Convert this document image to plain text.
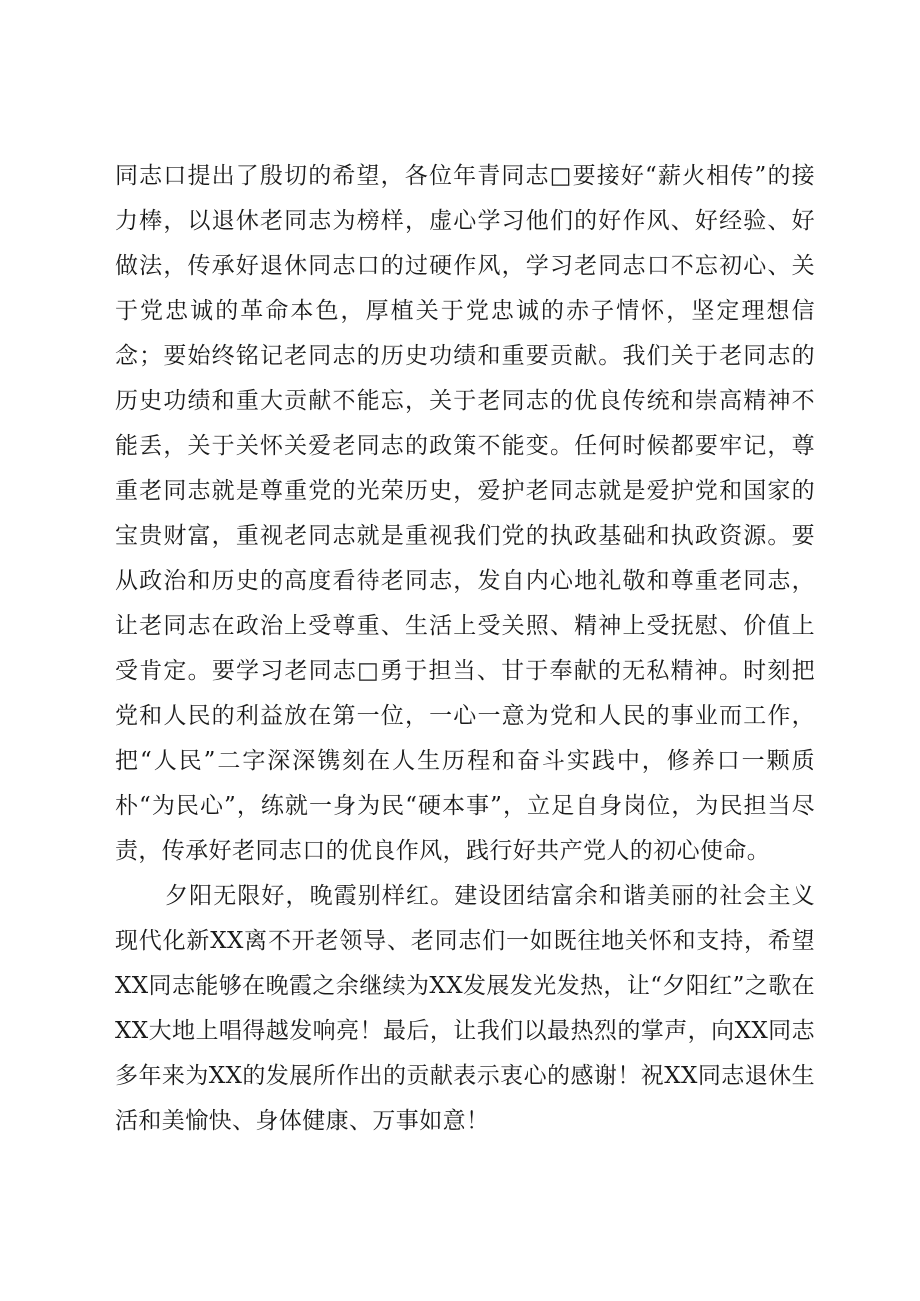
同志口提出了殷切的希望，各位年青同志□要接好“薪火相传”的接力棒，以退休老同志为榜样，虚心学习他们的好作风、好经验、好做法，传承好退休同志口的过硬作风，学习老同志口不忘初心、关于党忠诚的革命本色，厚植关于党忠诚的赤子情怀，坚定理想信念；要始终铭记老同志的历史功绩和重要贡献。我们关于老同志的历史功绩和重大贡献不能忘，关于老同志的优良传统和崇高精神不能丢，关于关怀关爱老同志的政策不能变。任何时候都要牢记，尊重老同志就是尊重党的光荣历史，爱护老同志就是爱护党和国家的宝贵财富，重视老同志就是重视我们党的执政基础和执政资源。要从政治和历史的高度看待老同志，发自内心地礼敬和尊重老同志，让老同志在政治上受尊重、生活上受关照、精神上受抚慰、价值上受肯定。要学习老同志□勇于担当、甘于奉献的无私精神。时刻把党和人民的利益放在第一位，一心一意为党和人民的事业而工作，把“人民”二字深深镌刻在人生历程和奋斗实践中，修养口一颗质朴“为民心”，练就一身为民“硬本事”，立足自身岗位，为民担当尽责，传承好老同志口的优良作风，践行好共产党人的初心使命。

夕阳无限好，晚霞别样红。建设团结富余和谐美丽的社会主义现代化新XX离不开老领导、老同志们一如既往地关怀和支持，希望XX同志能够在晚霞之余继续为XX发展发光发热，让“夕阳红”之歌在XX大地上唱得越发响亮！最后，让我们以最热烈的掌声，向XX同志多年来为XX的发展所作出的贡献表示衷心的感谢！祝XX同志退休生活和美愉快、身体健康、万事如意！
